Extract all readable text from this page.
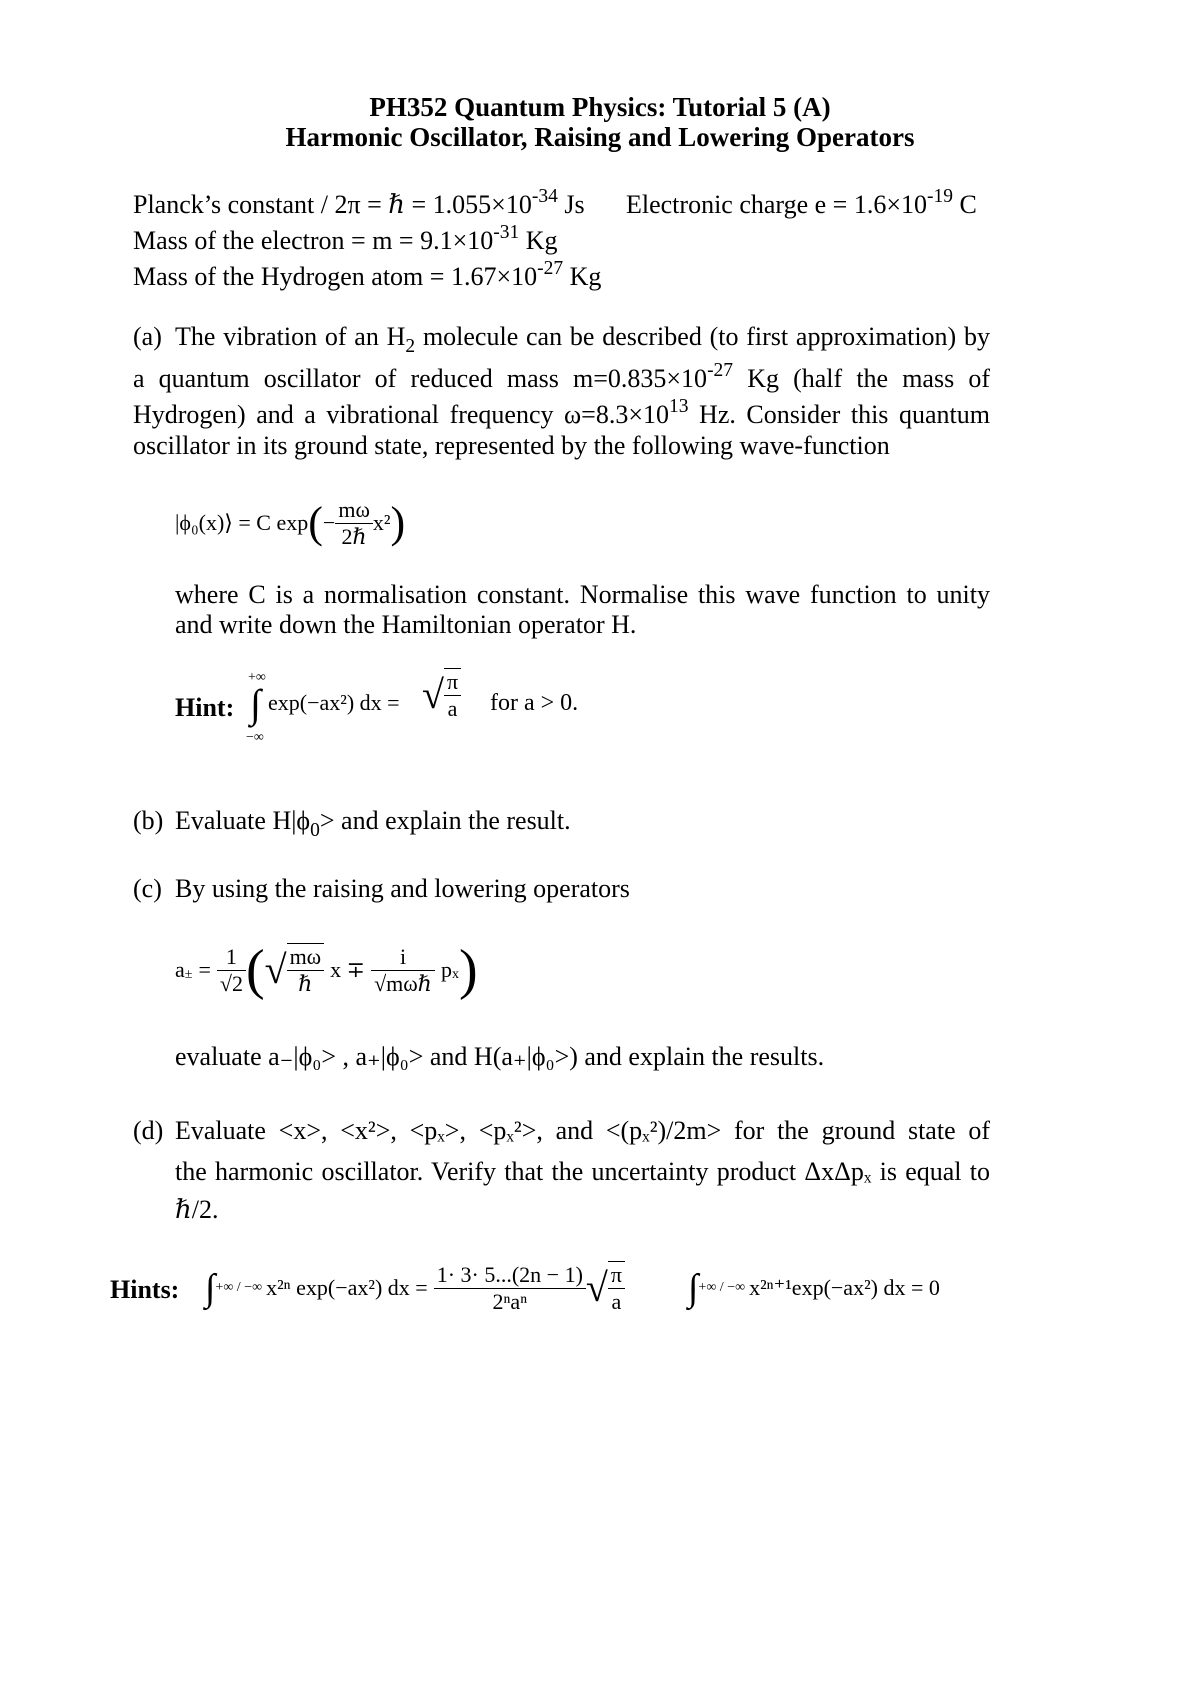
PH352 Quantum Physics: Tutorial 5 (A)
Harmonic Oscillator, Raising and Lowering Operators
Planck’s constant / 2π = ℏ = $1.055\times 10^{-34}$ Js Electronic charge $e = 1.6\times 10^{-19}$ C
Mass of the electron = $m = 9.1\times 10^{-31}$ Kg
Mass of the Hydrogen atom = $1.67\times 10^{-27}$ Kg
(a) The vibration of an $H_2$ molecule can be described (to first approximation) by
a quantum oscillator of reduced mass $m=0.835\times 10^{-27}$ Kg (half the mass of
Hydrogen) and a vibrational frequency $\omega=8.3\times 10^{13}$ Hz. Consider this quantum
oscillator in its ground state, represented by the following wave-function
|ϕ₀(x)⟩ = C exp ( − $\frac{m\omega}{\text{2ℏ}} x^2$ )
where C is a normalisation constant. Normalise this wave function to unity
and write down the Hamiltonian operator H.
Hint:
+∞
−∞
∫ exp(−ax²) dx = √ $\frac{\pi}{a}$ for a > 0.
(b) Evaluate $H|\phi_0>$ and explain the result.
(c) By using the raising and lowering operators
$a_\pm = \frac{1}{√2}$ ( √ $\frac{m\omega}{\text{ℏ}}$ $x \mp \frac{i}{\text{√mωℏ}} p_x$ )
evaluate a₋|ϕ₀> , a₊|ϕ₀> and H(a₊|ϕ₀>) and explain the results.
(d) Evaluate <x>, <x²>, <pₓ>, <pₓ²>, and <(pₓ²)/2m> for the ground state of
the harmonic oscillator. Verify that the uncertainty product ΔxΔpₓ is equal to
ℏ/2.
Hints: ∫ +∞ / −∞ x²ⁿ exp(−ax²) dx = $\frac{1\cdot 3\cdot 5...(2n - 1)}{\text{2ⁿaⁿ}}$ √ $\frac{\pi}{a}$ ∫ +∞ / −∞ x²ⁿ⁺¹exp(−ax²) dx = 0
